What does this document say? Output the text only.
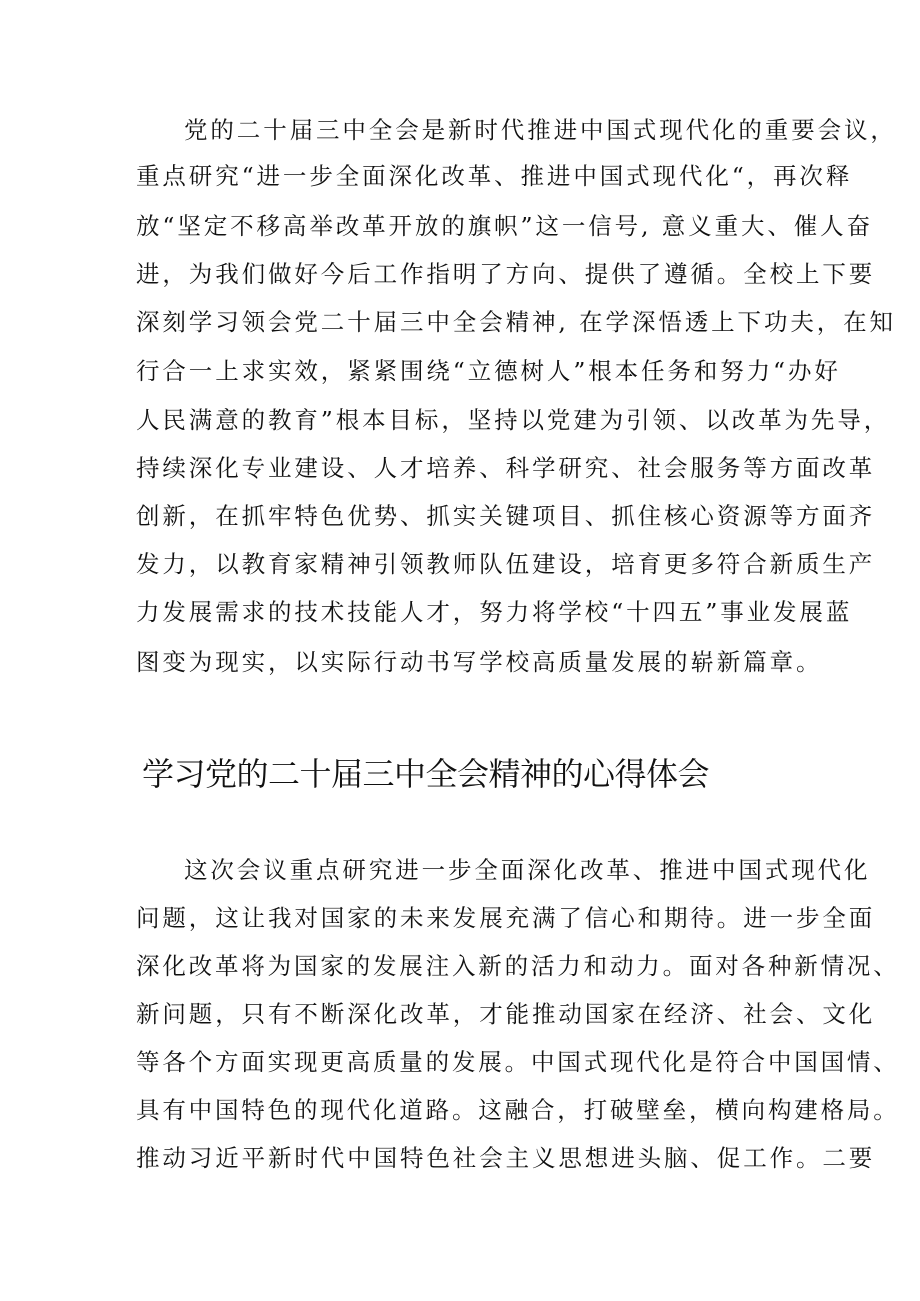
党的二十届三中全会是新时代推进中国式现代化的重要会议，
重点研究“进一步全面深化改革、推进中国式现代化“，再次释
放“坚定不移高举改革开放的旗帜”这一信号, 意义重大、催人奋
进，为我们做好今后工作指明了方向、提供了遵循。全校上下要
深刻学习领会党二十届三中全会精神, 在学深悟透上下功夫，在知
行合一上求实效，紧紧围绕“立德树人”根本任务和努力“办好
人民满意的教育”根本目标，坚持以党建为引领、以改革为先导，
持续深化专业建设、人才培养、科学研究、社会服务等方面改革
创新，在抓牢特色优势、抓实关键项目、抓住核心资源等方面齐
发力，以教育家精神引领教师队伍建设，培育更多符合新质生产
力发展需求的技术技能人才，努力将学校“十四五”事业发展蓝
图变为现实，以实际行动书写学校高质量发展的崭新篇章。
学习党的二十届三中全会精神的心得体会
这次会议重点研究进一步全面深化改革、推进中国式现代化
问题，这让我对国家的未来发展充满了信心和期待。进一步全面
深化改革将为国家的发展注入新的活力和动力。面对各种新情况、
新问题，只有不断深化改革，才能推动国家在经济、社会、文化
等各个方面实现更高质量的发展。中国式现代化是符合中国国情、
具有中国特色的现代化道路。这融合，打破壁垒，横向构建格局。
推动习近平新时代中国特色社会主义思想进头脑、促工作。二要
